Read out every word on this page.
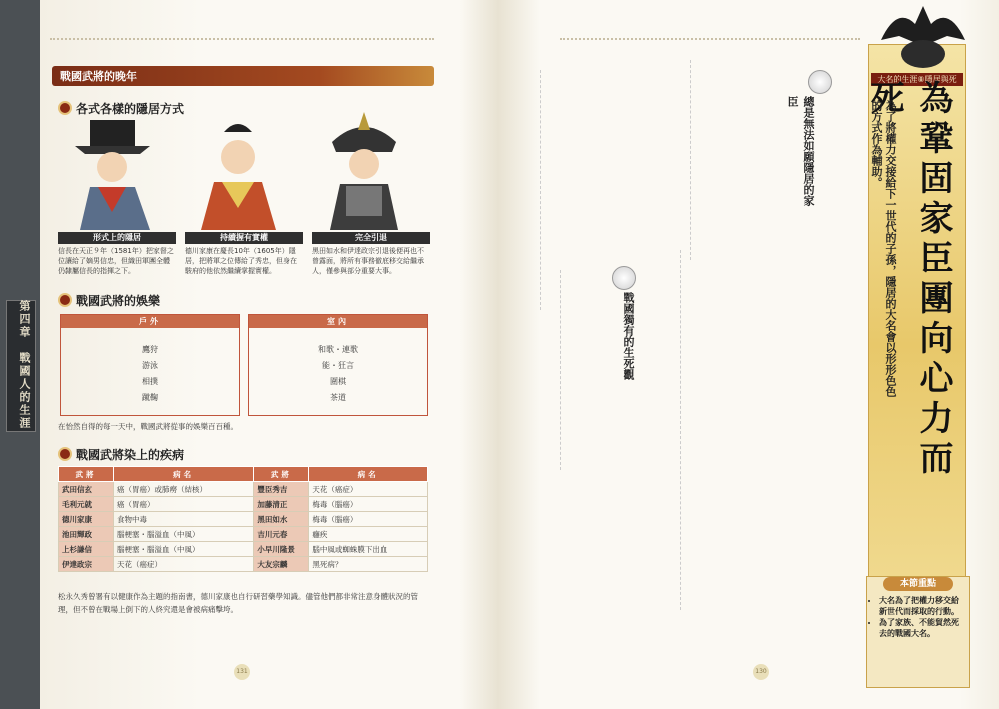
第四章　戰國人的生涯
戰國武將的晚年
各式各樣的隱居方式
形式上的隱居	持續握有實權	完全引退
信長在天正９年（1581年）把家督之位讓給了嫡男信忠，但織田軍團全體仍隸屬信長的指揮之下。
德川家康在慶長10年（1605年）隱居，把將軍之位傳給了秀忠，但身在駿府的他依然繼續掌握實權。
黑田如水和伊達政宗引退後便再也不曾露面，將所有事務徹底移交給繼承人，僅參與部分重要大事。
戰國武將的娛樂
戶外
鷹狩
游泳
相撲
蹴鞠
室內
和歌・連歌
能・狂言
圍棋
茶道
在怡然自得的每一天中，戰國武將從事的娛樂百百種。
戰國武將染上的疾病
武將	病名	武將	病名
武田信玄	癌（胃癌）或肺癆（結核）	豐臣秀吉	天花（癌症）
毛利元就	癌（胃癌）	加藤清正	梅毒（腦癌）
德川家康	食物中毒	黑田如水	梅毒（腦癌）
池田輝政	腦梗塞・腦溢血（中風）	吉川元春	癰疾
上杉謙信	腦梗塞・腦溢血（中風）	小早川隆景	腦中風或蜘蛛膜下出血
伊達政宗	天花（癌症）	大友宗麟	黑死病？
松永久秀曾署有以健康作為主題的指南書，德川家康也自行研習藥學知識。儘管他們都非常注意身體狀況的管理，但不曾在戰場上倒下的人終究還是會被病痛擊垮。
131
大名的生涯⑧隱居與死
為鞏固家臣團向心力而死
為了將權力交接給下一世代的子孫，隱居的大名會以形形色色的方式作為輔助。
總是無法如願隱居的家臣
戰國獨有的生死觀
本節重點
• 大名為了把權力移交給新世代而採取的行動。
• 為了家族、不能貿然死去的戰國大名。
130
